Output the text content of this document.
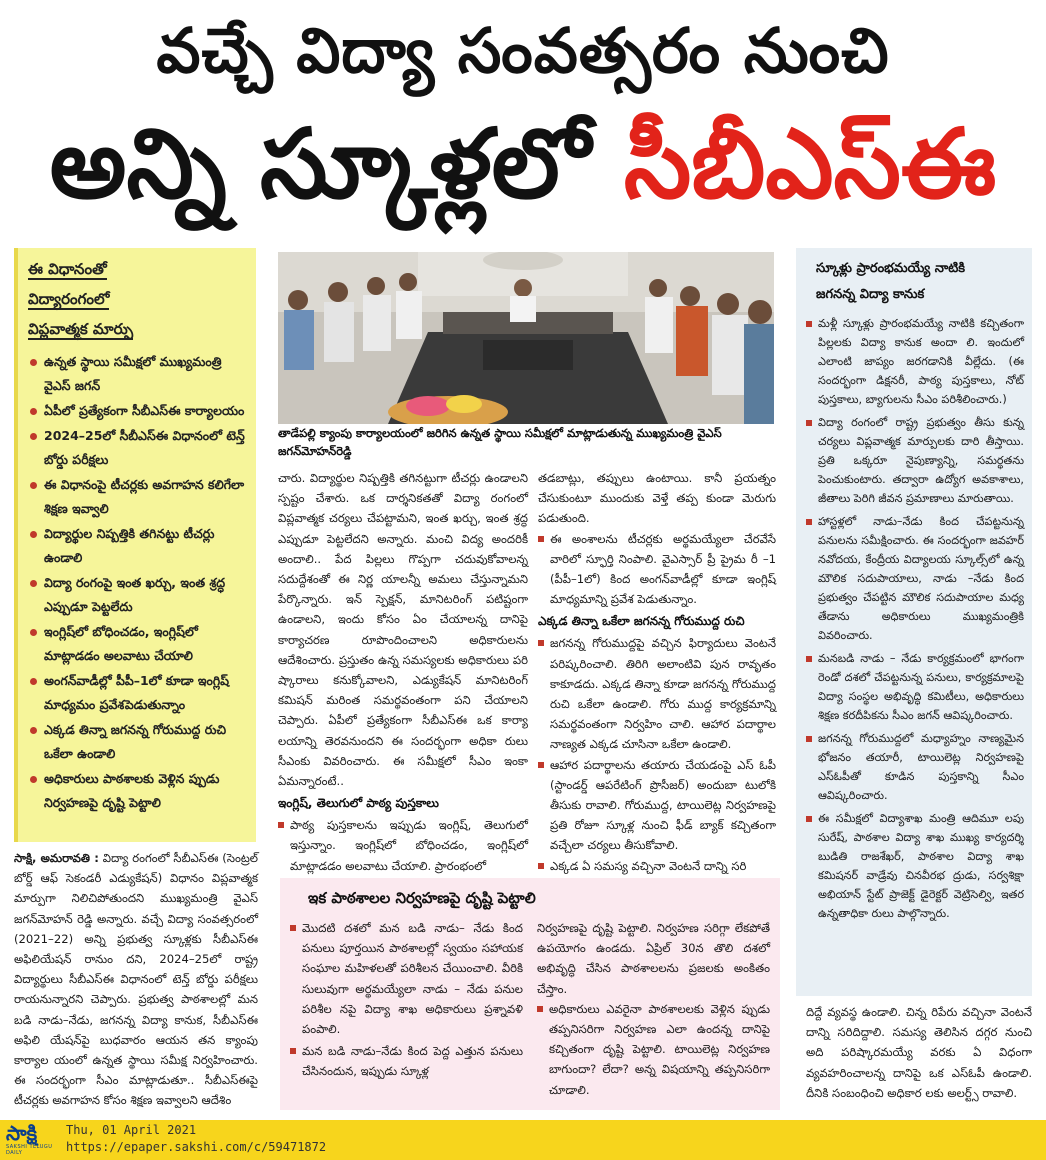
వచ్చే విద్యా సంవత్సరం నుంచి
అన్ని స్కూళ్లలో సీబీఎస్‌ఈ
ఈ విధానంతో
విద్యారంగంలో
విప్లవాత్మక మార్పు
ఉన్నత స్థాయి సమీక్షలో ముఖ్యమంత్రి వైఎస్‌ జగన్‌
ఏపీలో ప్రత్యేకంగా సీబీఎస్‌ఈ కార్యాలయం
2024–25లో సీబీఎస్‌ఈ విధానంలో టెన్త్‌ బోర్డు పరీక్షలు
ఈ విధానంపై టీచర్లకు అవగాహన కలిగేలా శిక్షణ ఇవ్వాలి
విద్యార్థుల నిష్పత్తికి తగినట్టు టీచర్లు ఉండాలి
విద్యా రంగంపై ఇంత ఖర్చు, ఇంత శ్రద్ధ ఎప్పుడూ పెట్టలేదు
ఇంగ్లిష్‌లో బోధించడం, ఇంగ్లిష్‌లో మాట్లాడడం అలవాటు చేయాలి
అంగన్‌వాడీల్లో పీపీ–1లో కూడా ఇంగ్లిష్‌ మాధ్యమం ప్రవేశపెడుతున్నాం
ఎక్కడ తిన్నా జగనన్న గోరుముద్ద రుచి ఒకేలా ఉండాలి
అధికారులు పాఠశాలకు వెళ్లిన ప్పుడు నిర్వహణపై దృష్టి పెట్టాలి
సాక్షి, అమరావతి : విద్యా రంగంలో సీబీఎస్‌ఈ (సెంట్రల్‌ బోర్డ్‌ ఆఫ్‌ సెకండరీ ఎడ్యుకేషన్‌) విధానం విప్లవాత్మక మార్పుగా నిలిచిపోతుందని ముఖ్యమంత్రి వైఎస్‌ జగన్‌మోహన్‌ రెడ్డి అన్నారు. వచ్చే విద్యా సంవత్సరంలో (2021–22) అన్ని ప్రభుత్వ స్కూళ్లకు సీబీఎస్‌ఈ అఫిలియేషన్‌ రానుం దని, 2024–25లో రాష్ట్ర విద్యార్థులు సీబీఎస్‌ఈ విధానంలో టెన్త్‌ బోర్డు పరీక్షలు రాయనున్నారని చెప్పారు. ప్రభుత్వ పాఠశాలల్లో మన బడి నాడు–నేడు, జగనన్న విద్యా కానుక, సీబీఎస్‌ఈ అఫిలి యేషన్‌పై బుధవారం ఆయన తన క్యాంపు కార్యాల యంలో ఉన్నత స్థాయి సమీక్ష నిర్వహించారు. ఈ సందర్భంగా సీఎం మాట్లాడుతూ.. సీబీఎస్‌ఈపై టీచర్లకు అవగాహన కోసం శిక్షణ ఇవ్వాలని ఆదేశిం
తాడేపల్లి క్యాంపు కార్యాలయంలో జరిగిన ఉన్నత స్థాయి సమీక్షలో మాట్లాడుతున్న ముఖ్యమంత్రి వైఎస్‌ జగన్‌మోహన్‌రెడ్డి

చారు. విద్యార్థుల నిష్పత్తికి తగినట్టుగా టీచర్లు ఉండాలని స్పష్టం చేశారు. ఒక దార్శనికతతో విద్యా రంగంలో విప్లవాత్మక చర్యలు చేపట్టామని, ఇంత ఖర్చు, ఇంత శ్రద్ధ ఎప్పుడూ పెట్టలేదని అన్నారు. మంచి విద్య అందరికీ అందాలి.. పేద పిల్లలు గొప్పగా చదువుకోవాలన్న సదుద్దేశంతో ఈ నిర్ణ యాలన్నీ అమలు చేస్తున్నామని పేర్కొన్నారు. ఇన్‌ స్పెక్షన్, మానిటరింగ్‌ పటిష్టంగా ఉండాలని, ఇందు కోసం ఏం చేయాలన్న దానిపై కార్యాచరణ రూపొందించాలని అధికారులను ఆదేశించారు. ప్రస్తుతం ఉన్న సమస్యలకు అధికారులు పరి ష్కారాలు కనుక్కోవాలని, ఎడ్యుకేషన్‌ మానిటరింగ్‌ కమిషన్‌ మరింత సమర్థవంతంగా పని చేయాలని చెప్పారు. ఏపీలో ప్రత్యేకంగా సీబీఎస్‌ఈ ఒక కార్యా లయాన్ని తెరవనుందని ఈ సందర్భంగా అధికా రులు సీఎంకు వివరించారు. ఈ సమీక్షలో సీఎం ఇంకా ఏమన్నారంటే..

ఇంగ్లిష్, తెలుగులో పాఠ్య పుస్తకాలు

పాఠ్య పుస్తకాలను ఇప్పుడు ఇంగ్లిష్, తెలుగులో ఇస్తున్నాం. ఇంగ్లిష్‌లో బోధించడం, ఇంగ్లిష్‌లో మాట్లాడడం అలవాటు చేయాలి. ప్రారంభంలో

తడబాట్లు, తప్పులు ఉంటాయి. కానీ ప్రయత్నం చేసుకుంటూ ముందుకు వెళ్తే తప్ప కుండా మెరుగు పడుతుంది.

ఈ అంశాలను టీచర్లకు అర్థమయ్యేలా చేరవేసే వారిలో స్ఫూర్తి నింపాలి. వైఎస్సార్‌ ప్రీ ప్రైమ రీ –1 (పీపీ–1లో) కింద అంగన్‌వాడీల్లో కూడా ఇంగ్లిష్‌ మాధ్యమాన్ని ప్రవేశ పెడుతున్నాం.

ఎక్కడ తిన్నా ఒకేలా జగనన్న గోరుముద్ద రుచి

జగనన్న గోరుముద్దపై వచ్చిన ఫిర్యాదులు వెంటనే పరిష్కరించాలి. తిరిగి అలాంటివి పున రావృతం కాకూడదు. ఎక్కడ తిన్నా కూడా జగనన్న గోరుముద్ద రుచి ఒకేలా ఉండాలి. గోరు ముద్ద కార్యక్రమాన్ని సమర్థవంతంగా నిర్వహిం చాలి. ఆహార పదార్థాల నాణ్యత ఎక్కడ చూసినా ఒకేలా ఉండాలి.

ఆహార పదార్థాలను తయారు చేయడంపై ఎస్‌ ఓపీ (స్టాండర్డ్‌ ఆపరేటింగ్‌ ప్రొసీజర్‌) అందుబా టులోకి తీసుకు రావాలి. గోరుముద్ద, టాయిలెట్ల నిర్వహణపై ప్రతి రోజూ స్కూళ్ల నుంచి ఫీడ్‌ బ్యాక్‌ కచ్చితంగా వచ్చేలా చర్యలు తీసుకోవాలి.

ఎక్కడ ఏ సమస్య వచ్చినా వెంటనే దాన్ని సరి

ఇక పాఠశాలల నిర్వహణపై దృష్టి పెట్టాలి

మొదటి దశలో మన బడి నాడు– నేడు కింద పనులు పూర్తయిన పాఠశాలల్లో స్వయం సహాయక సంఘాల మహిళలతో పరిశీలన చేయించాలి. వీరికి సులువుగా అర్థమయ్యేలా నాడు – నేడు పనుల పరిశీల నపై విద్యా శాఖ అధికారులు ప్రశ్నావళి పంపాలి.

మన బడి నాడు–నేడు కింద పెద్ద ఎత్తున పనులు చేసినందున, ఇప్పుడు స్కూళ్ల

నిర్వహణపై దృష్టి పెట్టాలి. నిర్వహణ సరిగ్గా లేకపోతే ఉపయోగం ఉండదు. ఏప్రిల్‌ 30న తొలి దశలో అభివృద్ధి చేసిన పాఠశాలలను ప్రజలకు అంకితం చేస్తాం.

అధికారులు ఎవరైనా పాఠశాలలకు వెళ్లిన ప్పుడు తప్పనిసరిగా నిర్వహణ ఎలా ఉందన్న దానిపై కచ్చితంగా దృష్టి పెట్టాలి. టాయిలెట్ల నిర్వహణ బాగుందా? లేదా? అన్న విషయాన్ని తప్పనిసరిగా చూడాలి.

స్కూళ్లు ప్రారంభమయ్యే నాటికి
జగనన్న విద్యా కానుక

మళ్లీ స్కూళ్లు ప్రారంభమయ్యే నాటికి కచ్చితంగా పిల్లలకు విద్యా కానుక అందా లి. ఇందులో ఎలాంటి జాప్యం జరగడానికి వీల్లేదు. (ఈ సందర్భంగా డిక్షనరీ, పాఠ్య పుస్తకాలు, నోట్‌ పుస్తకాలు, బ్యాగులను సీఎం పరిశీలించారు.)

విద్యా రంగంలో రాష్ట్ర ప్రభుత్వం తీసు కున్న చర్యలు విప్లవాత్మక మార్పులకు దారి తీస్తాయి. ప్రతి ఒక్కరూ నైపుణ్యాన్ని, సమర్థతను పెంచుకుంటారు. తద్వారా ఉద్యోగ అవకాశాలు, జీతాలు పెరిగి జీవన ప్రమాణాలు మారుతాయి.

హాస్టళ్లలో నాడు–నేడు కింద చేపట్టనున్న పనులను సమీక్షించారు. ఈ సందర్భంగా జవహర్‌ నవోదయ, కేంద్రీయ విద్యాలయ స్కూల్స్‌లో ఉన్న మౌలిక సదుపాయాలు, నాడు –నేడు కింద ప్రభుత్వం చేపట్టిన మౌలిక సదుపాయాల మధ్య తేడాను అధికారులు ముఖ్యమంత్రికి వివరించారు.

మనబడి నాడు – నేడు కార్యక్రమంలో భాగంగా రెండో దశలో చేపట్టనున్న పనులు, కార్యక్రమాలపై విద్యా సంస్థల అభివృద్ధి కమిటీలు, అధికారులు శిక్షణ కరదీపికను సీఎం జగన్‌ ఆవిష్కరించారు.

జగనన్న గోరుముద్దలో మధ్యాహ్నం నాణ్యమైన భోజనం తయారీ, టాయిలెట్ల నిర్వహణపై ఎస్‌ఓపీతో కూడిన పుస్తకాన్ని సీఎం ఆవిష్కరించారు.

ఈ సమీక్షలో విద్యాశాఖ మంత్రి ఆదిమూ లపు సురేష్, పాఠశాల విద్యా శాఖ ముఖ్య కార్యదర్శి బుడితి రాజశేఖర్, పాఠశాల విద్యా శాఖ కమిషనర్‌ వాడ్రేవు చినవీరభ ద్రుడు, సర్వశిక్షా అభియాన్‌ స్టేట్‌ ప్రాజెక్ట్‌ డైరెక్టర్‌ వెట్రిసెల్వి, ఇతర ఉన్నతాధికా రులు పాల్గొన్నారు.

దిద్దే వ్యవస్థ ఉండాలి. చిన్న రిపేరు వచ్చినా వెంటనే దాన్ని సరిదిద్దాలి. సమస్య తెలిసిన దగ్గర నుంచి అది పరిష్కారమయ్యే వరకు ఏ విధంగా వ్యవహరించాలన్న దానిపై ఒక ఎస్‌ఓపీ ఉండాలి. దీనికి సంబంధించి అధికార లకు అలర్ట్స్‌ రావాలి.
సాక్షి
SAKSHI TELUGU DAILY
Thu, 01 April 2021
https://epaper.sakshi.com/c/59471872
